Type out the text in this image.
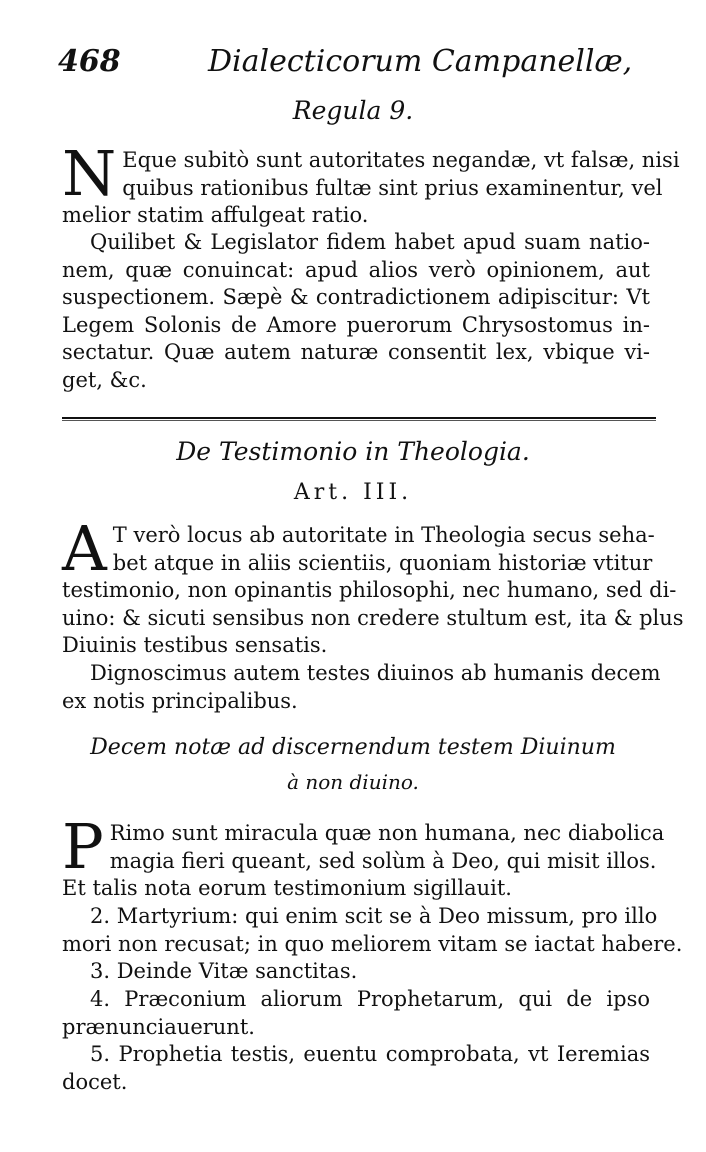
468	Dialecticorum Campanellæ,
Regula 9.
N Eque subitò sunt autoritates negandæ, vt falsæ, nisi
quibus rationibus fultæ sint prius examinentur, vel
melior statim affulgeat ratio.
Quilibet & Legislator fidem habet apud suam natio-
nem, quæ conuincat: apud alios verò opinionem, aut
suspectionem. Sæpè & contradictionem adipiscitur: Vt
Legem Solonis de Amore puerorum Chrysostomus in-
sectatur. Quæ autem naturæ consentit lex, vbique vi-
get, &c.
De Testimonio in Theologia.
Art. III.
A T verò locus ab autoritate in Theologia secus seha-
bet atque in aliis scientiis, quoniam historiæ vtitur
testimonio, non opinantis philosophi, nec humano, sed di-
uino: & sicuti sensibus non credere stultum est, ita & plus
Diuinis testibus sensatis.
Dignoscimus autem testes diuinos ab humanis decem
ex notis principalibus.
Decem notæ ad discernendum testem Diuinum
à non diuino.
P Rimo sunt miracula quæ non humana, nec diabolica
magia fieri queant, sed solùm à Deo, qui misit illos.
Et talis nota eorum testimonium sigillauit.
2. Martyrium: qui enim scit se à Deo missum, pro illo
mori non recusat; in quo meliorem vitam se iactat habere.
3. Deinde Vitæ sanctitas.
4. Præconium aliorum Prophetarum, qui de ipso
prænunciauerunt.
5. Prophetia testis, euentu comprobata, vt Ieremias
docet.
